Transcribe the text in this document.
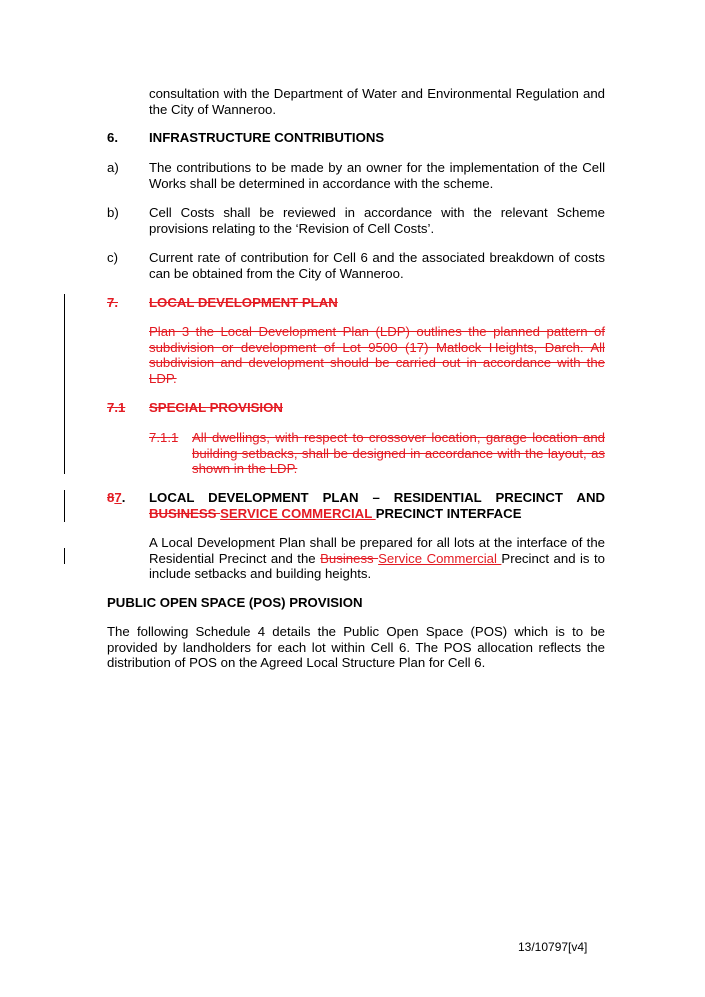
consultation with the Department of Water and Environmental Regulation and the City of Wanneroo.

6. INFRASTRUCTURE CONTRIBUTIONS
a) The contributions to be made by an owner for the implementation of the Cell Works shall be determined in accordance with the scheme.

b) Cell Costs shall be reviewed in accordance with the relevant Scheme provisions relating to the ‘Revision of Cell Costs’.

c) Current rate of contribution for Cell 6 and the associated breakdown of costs can be obtained from the City of Wanneroo.

7. LOCAL DEVELOPMENT PLAN

Plan 3 the Local Development Plan (LDP) outlines the planned pattern of subdivision or development of Lot 9500 (17) Matlock Heights, Darch. All subdivision and development should be carried out in accordance with the LDP.

7.1 SPECIAL PROVISION
7.1.1 All dwellings, with respect to crossover location, garage location and building setbacks, shall be designed in accordance with the layout, as shown in the LDP.

87. LOCAL DEVELOPMENT PLAN – RESIDENTIAL PRECINCT AND
BUSINESS SERVICE COMMERCIAL PRECINCT INTERFACE

A Local Development Plan shall be prepared for all lots at the interface of the Residential Precinct and the Business Service Commercial Precinct and is to include setbacks and building heights.

PUBLIC OPEN SPACE (POS) PROVISION

The following Schedule 4 details the Public Open Space (POS) which is to be provided by landholders for each lot within Cell 6. The POS allocation reflects the distribution of POS on the Agreed Local Structure Plan for Cell 6.

13/10797[v4]
